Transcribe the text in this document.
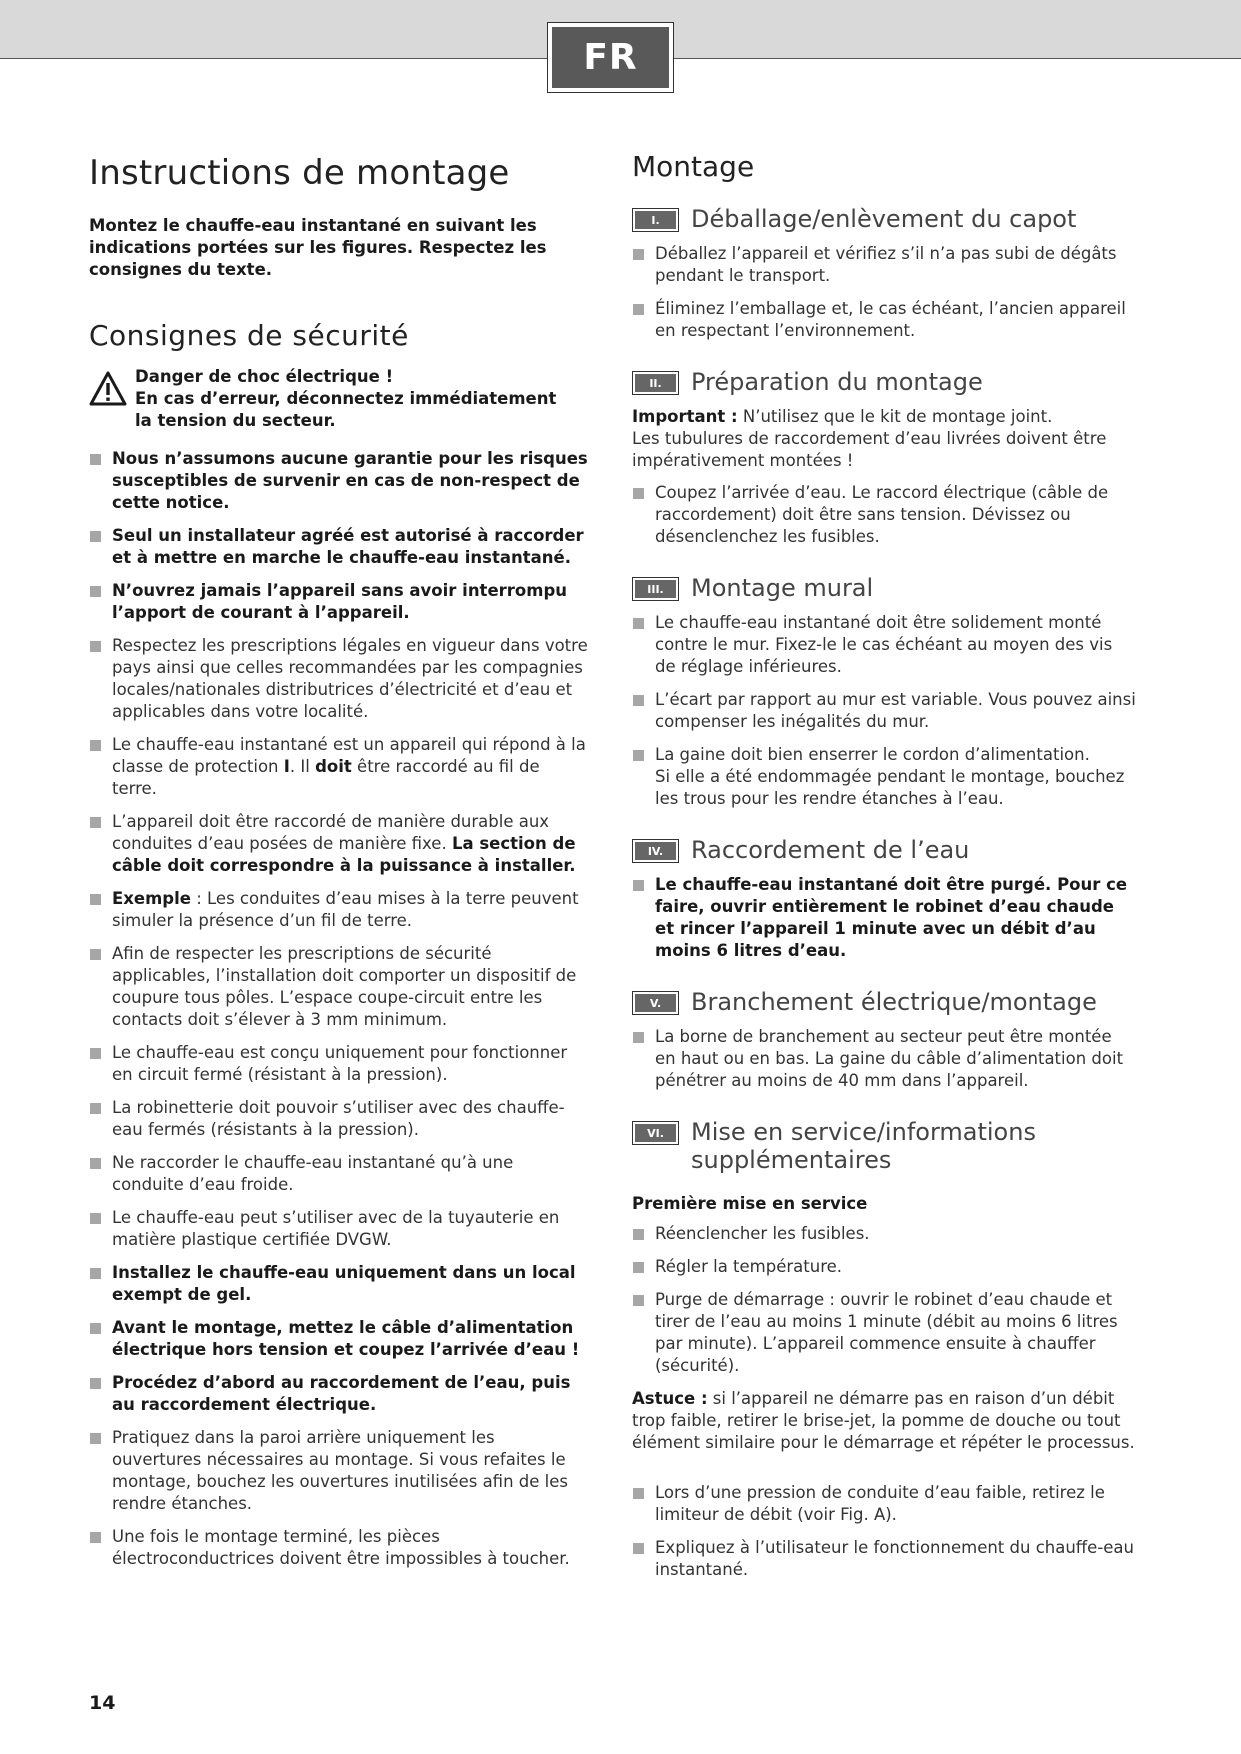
FR
Instructions de montage

Montez le chauffe-eau instantané en suivant les indications portées sur les figures. Respectez les consignes du texte.

Consignes de sécurité
Danger de choc électrique !
En cas d’erreur, déconnectez immédiatement
la tension du secteur.
Nous n’assumons aucune garantie pour les risques susceptibles de survenir en cas de non-respect de cette notice.
Seul un installateur agréé est autorisé à raccorder et à mettre en marche le chauffe-eau instantané.
N’ouvrez jamais l’appareil sans avoir interrompu l’apport de courant à l’appareil.
Respectez les prescriptions légales en vigueur dans votre pays ainsi que celles recommandées par les compagnies locales/nationales distributrices d’électricité et d’eau et applicables dans votre localité.
Le chauffe-eau instantané est un appareil qui répond à la classe de protection I. Il doit être raccordé au fil de terre.
L’appareil doit être raccordé de manière durable aux conduites d’eau posées de manière fixe. La section de câble doit correspondre à la puissance à installer.
Exemple : Les conduites d’eau mises à la terre peuvent simuler la présence d’un fil de terre.
Afin de respecter les prescriptions de sécurité applicables, l’installation doit comporter un dispositif de coupure tous pôles. L’espace coupe-circuit entre les contacts doit s’élever à 3 mm minimum.
Le chauffe-eau est conçu uniquement pour fonctionner en circuit fermé (résistant à la pression).
La robinetterie doit pouvoir s’utiliser avec des chauffe-eau fermés (résistants à la pression).
Ne raccorder le chauffe-eau instantané qu’à une conduite d’eau froide.
Le chauffe-eau peut s’utiliser avec de la tuyauterie en matière plastique certifiée DVGW.
Installez le chauffe-eau uniquement dans un local exempt de gel.
Avant le montage, mettez le câble d’alimentation électrique hors tension et coupez l’arrivée d’eau !
Procédez d’abord au raccordement de l’eau, puis au raccordement électrique.
Pratiquez dans la paroi arrière uniquement les ouvertures nécessaires au montage. Si vous refaites le montage, bouchez les ouvertures inutilisées afin de les rendre étanches.
Une fois le montage terminé, les pièces électroconductrices doivent être impossibles à toucher.
Montage
I.	Déballage/enlèvement du capot
Déballez l’appareil et vérifiez s’il n’a pas subi de dégâts pendant le transport.
Éliminez l’emballage et, le cas échéant, l’ancien appareil en respectant l’environnement.
II.	Préparation du montage

Important : N’utilisez que le kit de montage joint.
Les tubulures de raccordement d’eau livrées doivent être impérativement montées !

Coupez l’arrivée d’eau. Le raccord électrique (câble de raccordement) doit être sans tension. Dévissez ou désenclenchez les fusibles.
III.	Montage mural
Le chauffe-eau instantané doit être solidement monté contre le mur. Fixez-le le cas échéant au moyen des vis de réglage inférieures.
L’écart par rapport au mur est variable. Vous pouvez ainsi compenser les inégalités du mur.
La gaine doit bien enserrer le cordon d’alimentation.
Si elle a été endommagée pendant le montage, bouchez les trous pour les rendre étanches à l’eau.
IV.	Raccordement de l’eau
Le chauffe-eau instantané doit être purgé. Pour ce faire, ouvrir entièrement le robinet d’eau chaude et rincer l’appareil 1 minute avec un débit d’au moins 6 litres d’eau.
V.	Branchement électrique/montage
La borne de branchement au secteur peut être montée en haut ou en bas. La gaine du câble d’alimentation doit pénétrer au moins de 40 mm dans l’appareil.
VI.	Mise en service/informations
supplémentaires
Première mise en service
Réenclencher les fusibles.
Régler la température.
Purge de démarrage : ouvrir le robinet d’eau chaude et tirer de l’eau au moins 1 minute (débit au moins 6 litres par minute). L’appareil commence ensuite à chauffer (sécurité).

Astuce : si l’appareil ne démarre pas en raison d’un débit trop faible, retirer le brise-jet, la pomme de douche ou tout élément similaire pour le démarrage et répéter le processus.

Lors d’une pression de conduite d’eau faible, retirez le limiteur de débit (voir Fig. A).
Expliquez à l’utilisateur le fonctionnement du chauffe-eau instantané.
14
